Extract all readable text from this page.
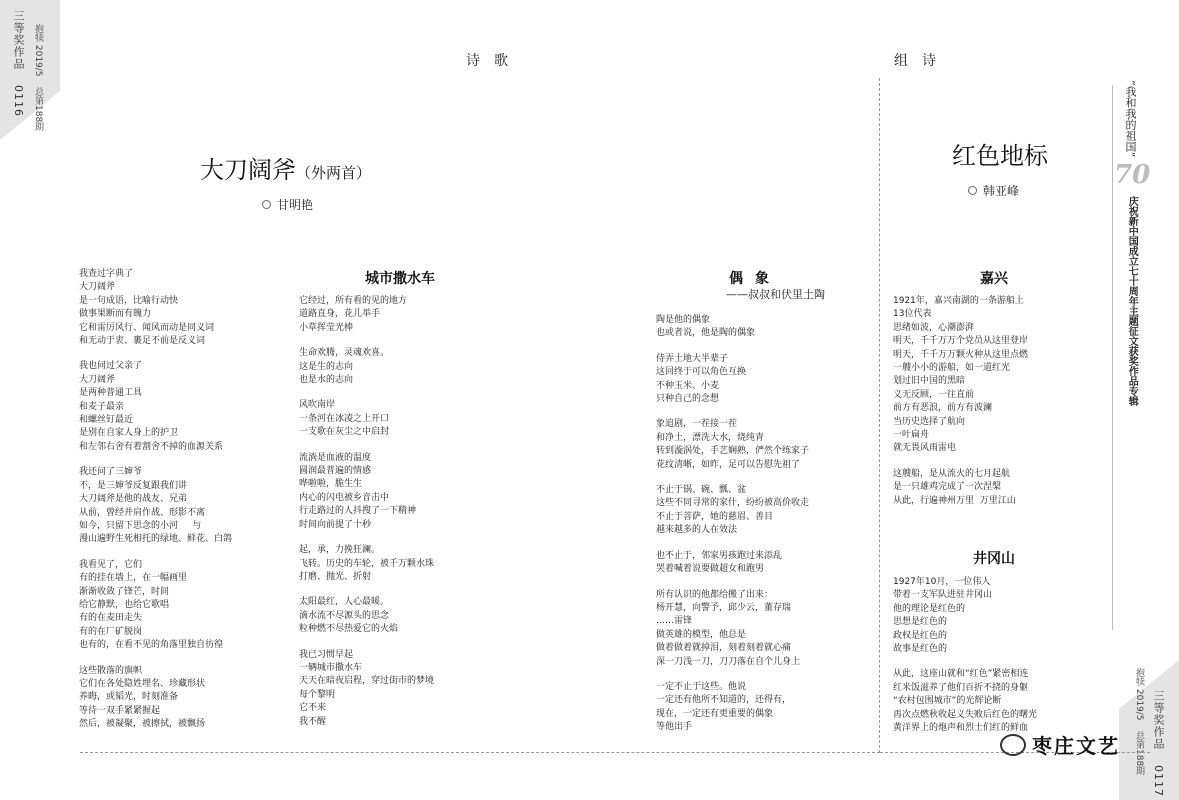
三等奖作品 0116
抱犊 2019/5 总第188期
抱犊 2019/5 总第188期
三等奖作品 0117
诗歌	组诗
“我和我的祖国”
70
庆祝新中国成立七十周年主题征文获奖作品专辑
大刀阔斧（外两首）
甘明艳
红色地标
韩亚峰
我查过字典了
大刀阔斧
是一句成语，比喻行动快
做事果断而有魄力
它和雷厉风行、闻风而动是同义词
和无动于衷、裹足不前是反义词
我也问过父亲了
大刀阔斧
是两种普通工具
和麦子最亲
和螺丝钉最近
是别在自家人身上的护卫
和左邻右舍有着割舍不掉的血源关系
我还问了三婶爷
不，是三婶爷反复跟我们讲
大刀阔斧是他的战友、兄弟
从前，曾经并肩作战、形影不离
如今，只留下思念的小河     与
漫山遍野生死相托的绿地、鲜花、白鸽
我看见了，它们
有的挂在墙上，在一幅画里
渐渐收敛了锋芒，时间
给它静默，也给它歌唱
有的在麦田走失
有的在厂矿脱岗
也有的，在看不见的角落里独自彷徨
这些散落的旗帜
它们在各处隐姓埋名、珍藏形状
养晦，或韬光，时刻准备
等待一双手紧紧握起
然后，被凝聚，被擦拭，被飘扬
城市撒水车
它经过，所有看的见的地方
道路直身，花儿举手
小草挥莹光棒
生命欢腾，灵魂欢喜。
这是生的志向
也是水的志向
风吹南岸
一条河在冰凌之上开口
一支歌在灰尘之中启封
流淌是血液的温度
圆润最普遍的情感
哗啦啦，脆生生
内心的闪电被乡音击中
行走路过的人抖搜了一下精神
时间向前提了十秒
起，承，力挽狂澜。
飞转。历史的车轮，被千万颗水珠
打磨、抛光、折射
太阳最红，人心最暖。
滴水流不尽源头的思念
粒种燃不尽热爱它的火焰
我已习惯早起
一辆城市撒水车
天天在暗夜启程，穿过街市的梦境
每个黎明
它不来
我不醒
偶象
——叔叔和伏里土陶
陶是他的偶象
也或者说，他是陶的偶象
侍弄土地大半辈子
这回终于可以角色互换
不种玉米、小麦
只种自己的念想
象追剧，一茬接一茬
和净土，漂洗大水，烧纯青
转到漩涡处，手艺娴熟，俨然个练家子
花纹清晰，如昨，足可以告慰先祖了
不止于锅、碗、瓢、盆
这些不同寻常的家什，纷纷被高价收走
不止于菩萨，她的慈眉、善目
越来越多的人在效法
也不止于，邻家男孩跑过来添乱
哭着喊着说要做超女和跑男
所有认识的他都给搬了出来：
杨开慧，向警予，邱少云，董存瑞
……雷锋
做英雄的模型，他总是
做着做着就掉泪，刻着刻着就心痛
深一刀浅一刀，刀刀落在自个儿身上
一定不止于这些。他说
一定还有他所不知道的，还得有，
现在，一定还有更重要的偶象
等他出手
嘉兴
1921年，嘉兴南湖的一条游船上
13位代表
思绪如波，心潮澎湃
明天，千千万万个党员从这里登岸
明天，千千万万颗火种从这里点燃
一艘小小的游船，如一道红光
划过旧中国的黑暗
义无反顾，一往直前
前方有恶浪，前方有波澜
当历史选择了航向
一叶扁舟
就无畏风雨雷电
这艘船，是从流火的七月起航
是一只雄鸡完成了一次涅槃
从此，行遍神州万里  万里江山
井冈山
1927年10月，一位伟人
带着一支军队进驻井冈山
他的理论是红色的
思想是红色的
政权是红色的
故事是红色的
从此，这座山就和“红色”紧密相连
红米饭滋养了他们百折不挠的身躯
“农村包围城市”的光辉论断
再次点燃秋收起义失败后红色的曙光
黄洋界上的炮声和烈士们红的鲜血
枣庄文艺
